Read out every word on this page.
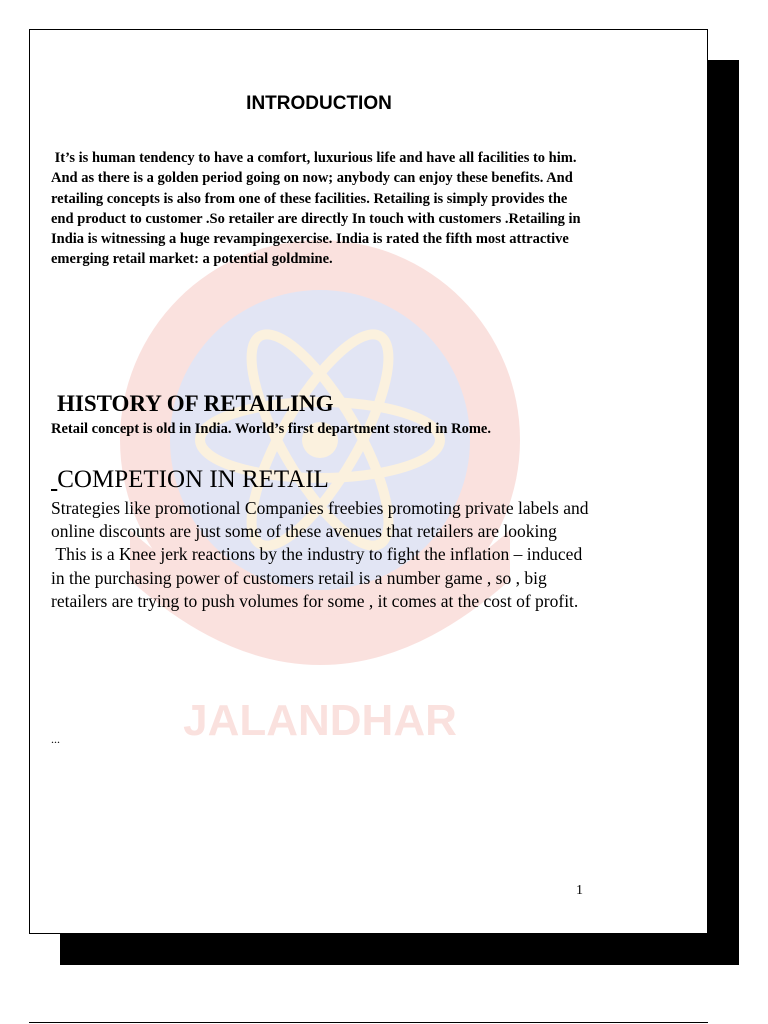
JALANDHAR
INTRODUCTION

It’s is human tendency to have a comfort, luxurious life and have all facilities to him.

And as there is a golden period going on now; anybody can enjoy these benefits. And retailing concepts is also from one of these facilities. Retailing is simply provides the end product to customer .So retailer are directly In touch with customers .Retailing in India is witnessing a huge revampingexercise. India is rated the fifth most attractive emerging retail market: a potential goldmine.

HISTORY OF RETAILING

Retail concept is old in India. World’s first department stored in Rome.

COMPETION IN RETAIL

Strategies like promotional Companies freebies promoting private labels and online discounts are just some of these avenues that retailers are looking

This is a Knee jerk reactions by the industry to fight the inflation – induced in the purchasing power of customers retail is a number game , so , big retailers are trying to push volumes for some , it comes at the cost of profit.

...

1
